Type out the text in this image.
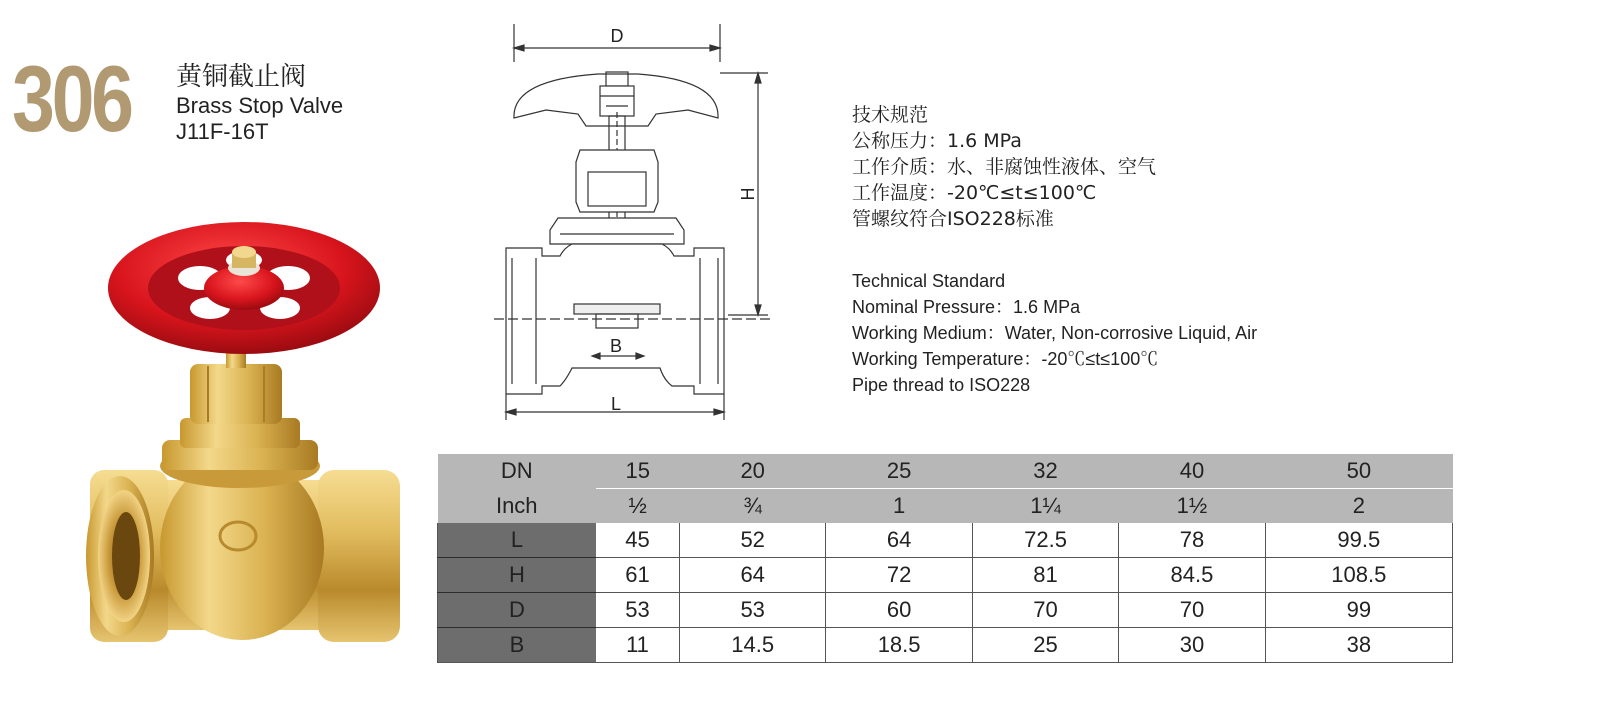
306 黄铜截止阀
Brass Stop Valve
J11F-16T
D
H
B
L
技术规范
公称压力：1.6 MPa
工作介质：水、非腐蚀性液体、空气
工作温度：-20℃≤t≤100℃
管螺纹符合ISO228标准
Technical Standard
Nominal Pressure：1.6 MPa
Working Medium：Water, Non-corrosive Liquid, Air
Working Temperature：-20℃≤t≤100℃
Pipe thread to ISO228
DN	15	20	25	32	40	50
Inch	½	¾	1	1¼	1½	2
L	45	52	64	72.5	78	99.5
H	61	64	72	81	84.5	108.5
D	53	53	60	70	70	99
B	11	14.5	18.5	25	30	38
